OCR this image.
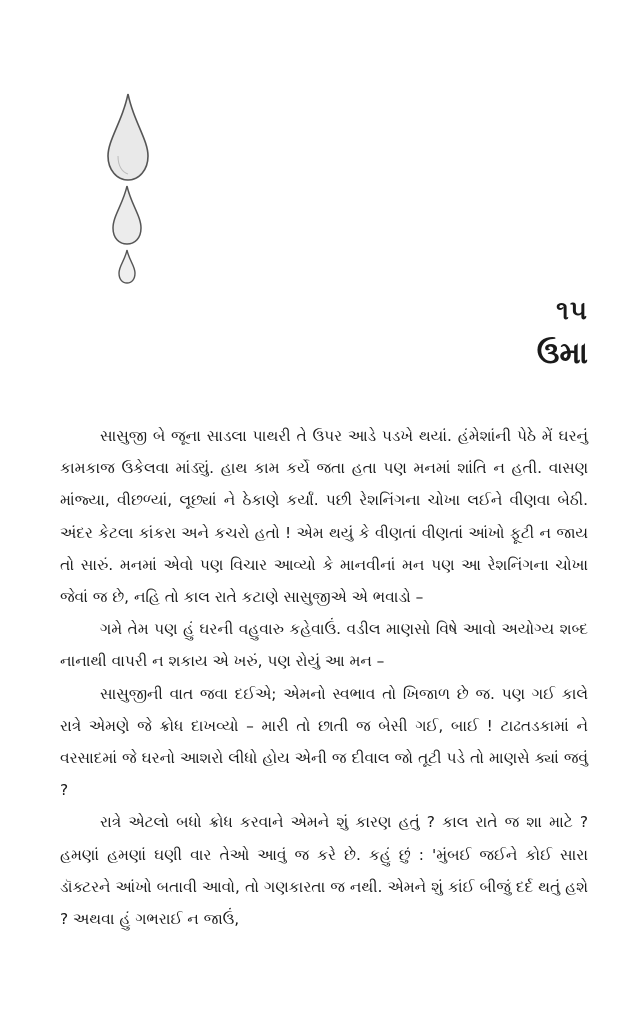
૧૫
ઉમા

સાસુજી બે જૂના સાડલા પાથરી તે ઉપર આડે પડખે થયાં. હંમેશાંની પેઠે મેં ઘરનું કામકાજ ઉકેલવા માંડ્યું. હાથ કામ કર્યે જતા હતા પણ મનમાં શાંતિ ન હતી. વાસણ માંજ્યા, વીછળ્યાં, લૂછ્યાં ને ઠેકાણે કર્યાં. પછી રેશનિંગના ચોખા લઈને વીણવા બેઠી. અંદર કેટલા કાંકરા અને કચરો હતો ! એમ થયું કે વીણતાં વીણતાં આંખો ફૂટી ન જાય તો સારું. મનમાં એવો પણ વિચાર આવ્યો કે માનવીનાં મન પણ આ રેશનિંગના ચોખા જેવાં જ છે, નહિ તો કાલ રાતે કટાણે સાસુજીએ એ ભવાડો –

ગમે તેમ પણ હું ઘરની વહુવારુ કહેવાઉં. વડીલ માણસો વિષે આવો અયોગ્ય શબ્દ નાનાથી વાપરી ન શકાય એ ખરું, પણ રોયું આ મન –

સાસુજીની વાત જવા દઈએ; એમનો સ્વભાવ તો ખિજાળ છે જ. પણ ગઈ કાલે રાત્રે એમણે જે ક્રોધ દાખવ્યો – મારી તો છાતી જ બેસી ગઈ, બાઈ ! ટાઢતડકામાં ને વરસાદમાં જે ઘરનો આશરો લીધો હોય એની જ દીવાલ જો તૂટી પડે તો માણસે ક્યાં જવું ?

રાત્રે એટલો બધો ક્રોધ કરવાને એમને શું કારણ હતું ? કાલ રાતે જ શા માટે ? હમણાં હમણાં ઘણી વાર તેઓ આવું જ કરે છે. કહું છું : 'મુંબઈ જઈને કોઈ સારા ડૉક્ટરને આંખો બતાવી આવો, તો ગણકારતા જ નથી. એમને શું કાંઈ બીજું દર્દ થતું હશે ? અથવા હું ગભરાઈ ન જાઉં,
